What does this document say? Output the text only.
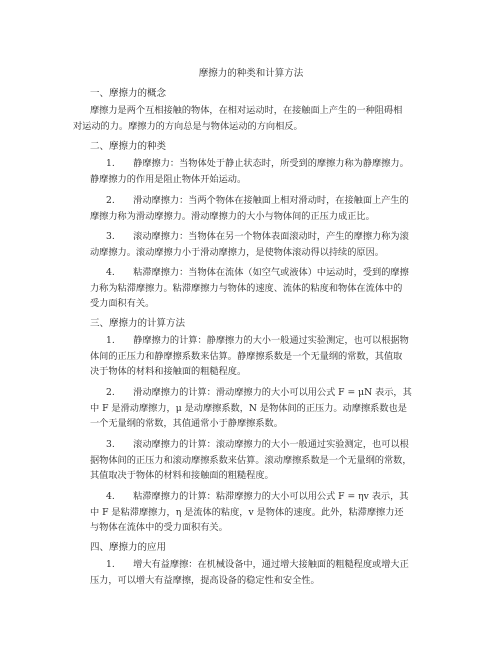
摩擦力的种类和计算方法
一、摩擦力的概念
摩擦力是两个互相接触的物体，在相对运动时，在接触面上产生的一种阻碍相
对运动的力。摩擦力的方向总是与物体运动的方向相反。
二、摩擦力的种类
1.　　静摩擦力：当物体处于静止状态时，所受到的摩擦力称为静摩擦力。
静摩擦力的作用是阻止物体开始运动。
2.　　滑动摩擦力：当两个物体在接触面上相对滑动时，在接触面上产生的
摩擦力称为滑动摩擦力。滑动摩擦力的大小与物体间的正压力成正比。
3.　　滚动摩擦力：当物体在另一个物体表面滚动时，产生的摩擦力称为滚
动摩擦力。滚动摩擦力小于滑动摩擦力，是使物体滚动得以持续的原因。
4.　　粘滞摩擦力：当物体在流体（如空气或液体）中运动时，受到的摩擦
力称为粘滞摩擦力。粘滞摩擦力与物体的速度、流体的粘度和物体在流体中的
受力面积有关。
三、摩擦力的计算方法
1.　　静摩擦力的计算：静摩擦力的大小一般通过实验测定，也可以根据物
体间的正压力和静摩擦系数来估算。静摩擦系数是一个无量纲的常数，其值取
决于物体的材料和接触面的粗糙程度。
2.　　滑动摩擦力的计算：滑动摩擦力的大小可以用公式 F = μN 表示，其
中 F 是滑动摩擦力，μ 是动摩擦系数，N 是物体间的正压力。动摩擦系数也是
一个无量纲的常数，其值通常小于静摩擦系数。
3.　　滚动摩擦力的计算：滚动摩擦力的大小一般通过实验测定，也可以根
据物体间的正压力和滚动摩擦系数来估算。滚动摩擦系数是一个无量纲的常数，
其值取决于物体的材料和接触面的粗糙程度。
4.　　粘滞摩擦力的计算：粘滞摩擦力的大小可以用公式 F = ηv 表示，其
中 F 是粘滞摩擦力，η 是流体的粘度，v 是物体的速度。此外，粘滞摩擦力还
与物体在流体中的受力面积有关。
四、摩擦力的应用
1.　　增大有益摩擦：在机械设备中，通过增大接触面的粗糙程度或增大正
压力，可以增大有益摩擦，提高设备的稳定性和安全性。
